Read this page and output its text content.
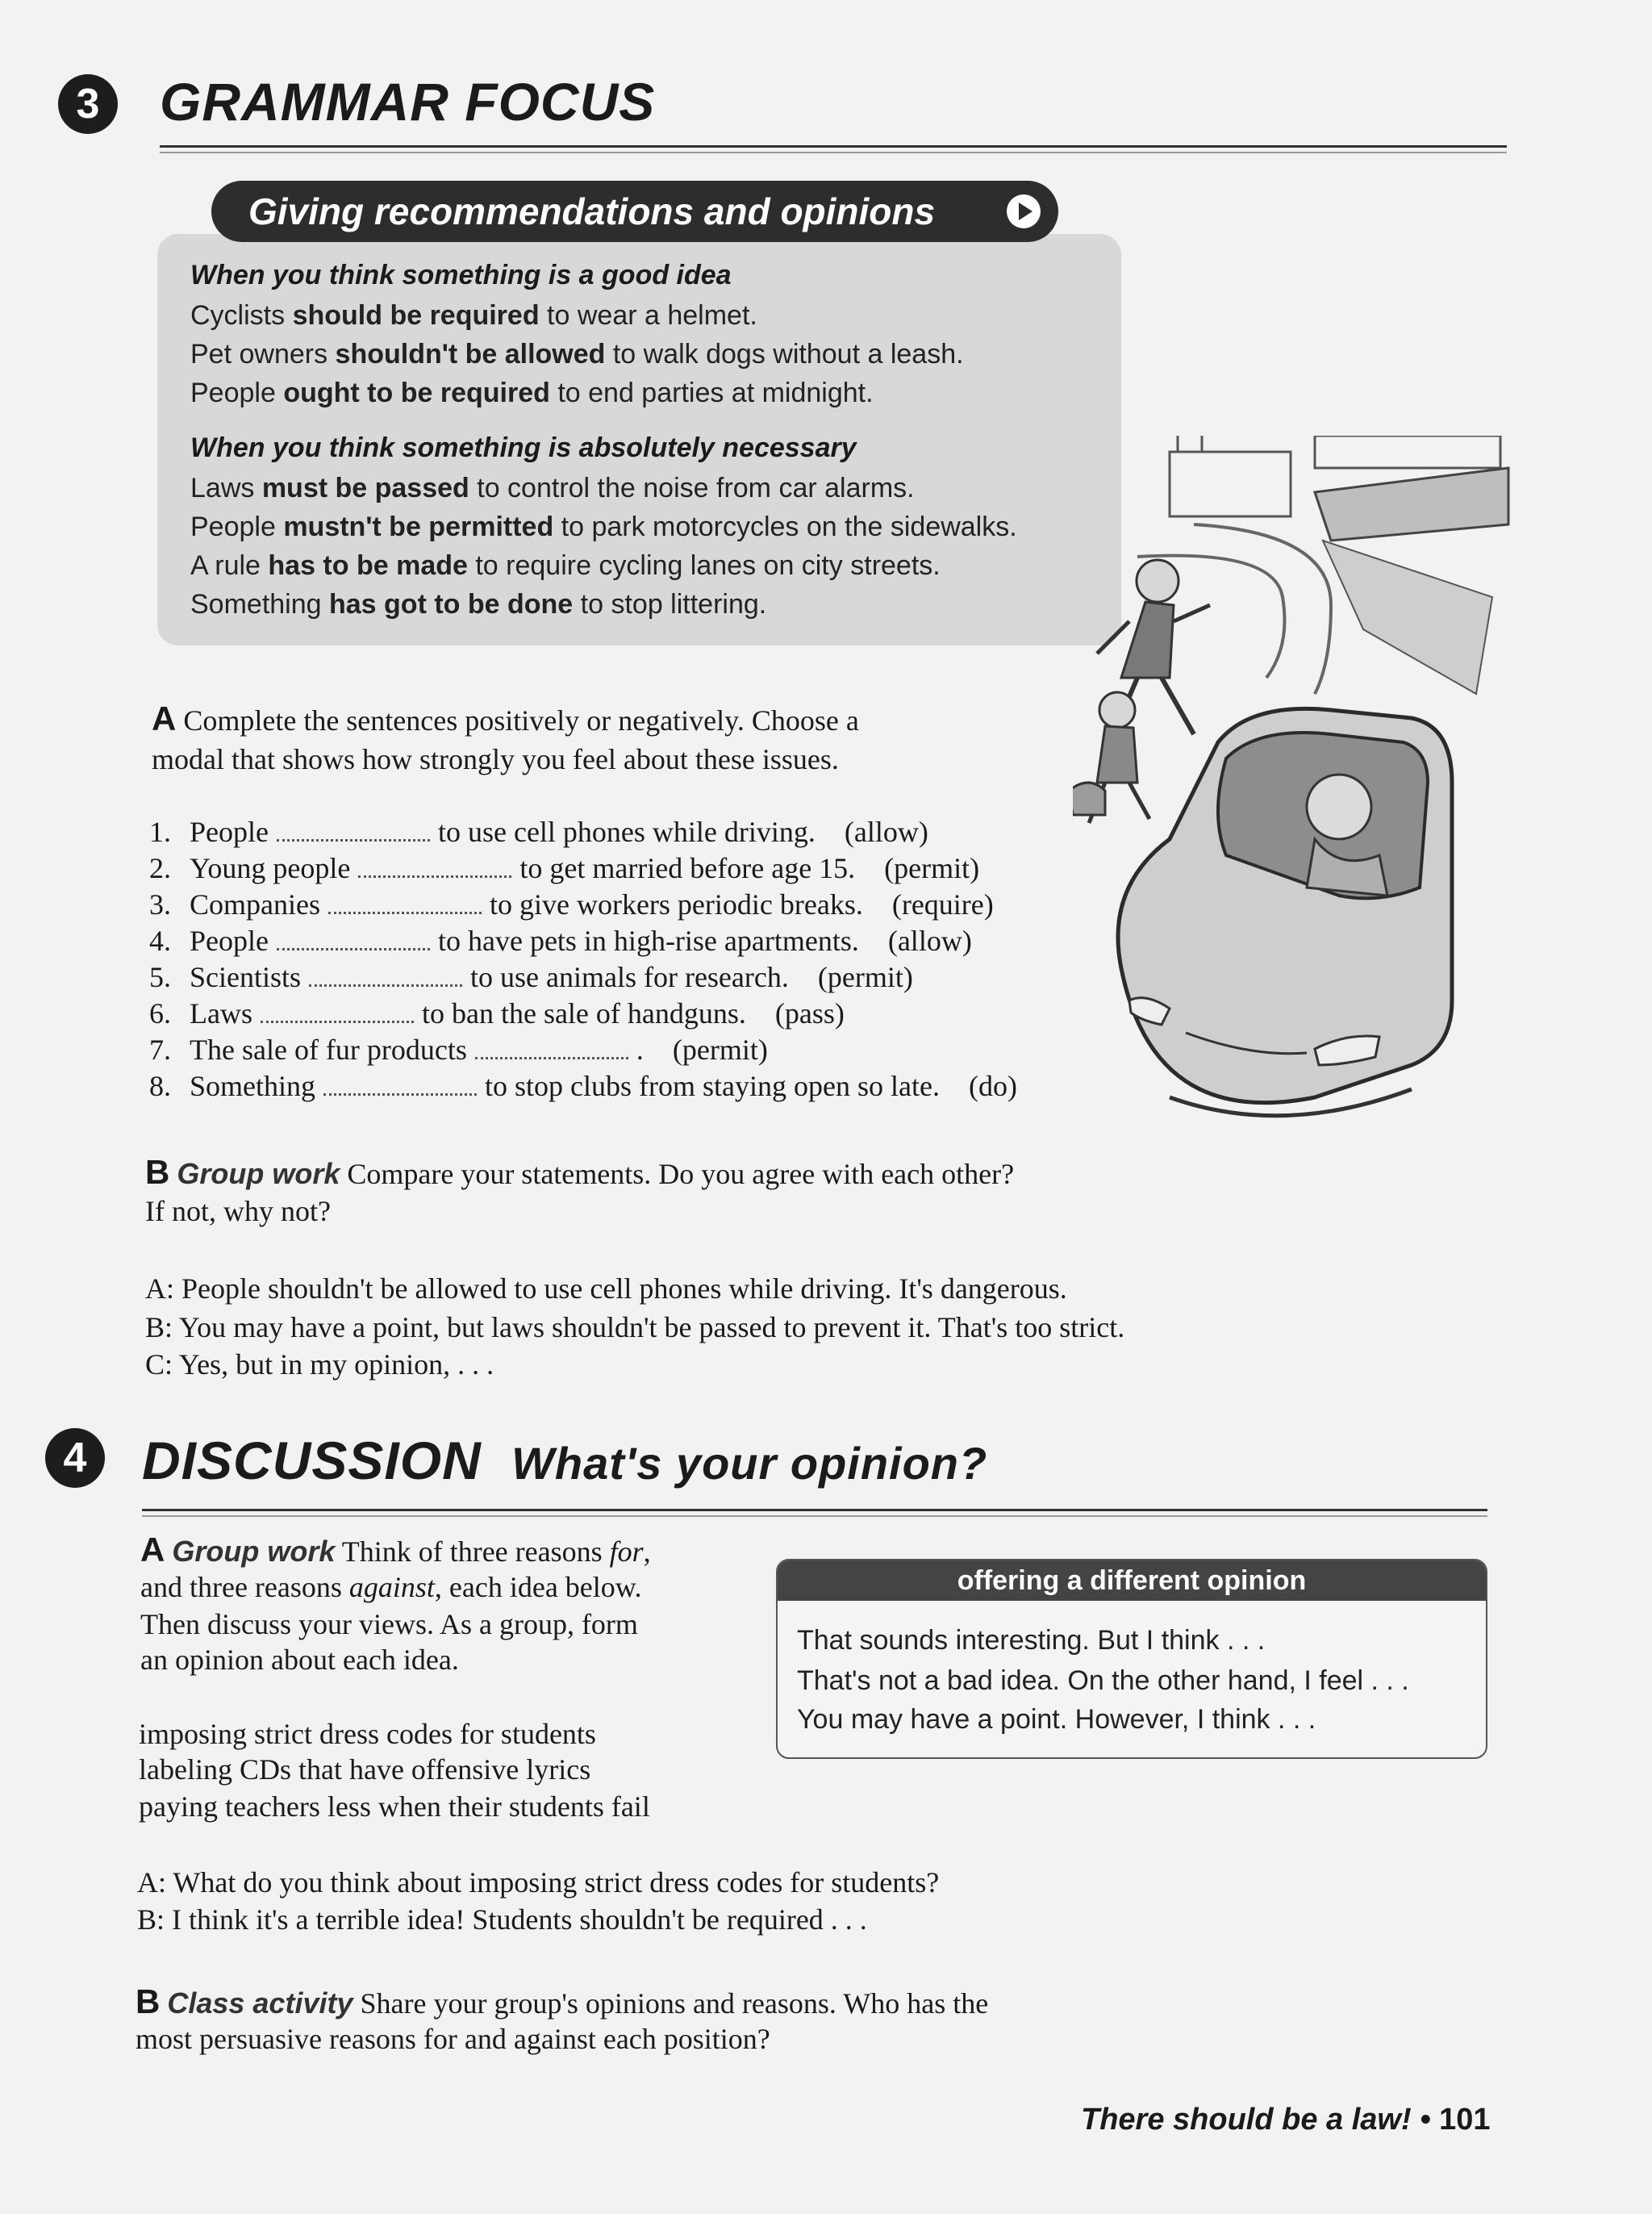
3	GRAMMAR FOCUS
Giving recommendations and opinions
When you think something is a good idea
Cyclists should be required to wear a helmet.
Pet owners shouldn't be allowed to walk dogs without a leash.
People ought to be required to end parties at midnight.
When you think something is absolutely necessary
Laws must be passed to control the noise from car alarms.
People mustn't be permitted to park motorcycles on the sidewalks.
A rule has to be made to require cycling lanes on city streets.
Something has got to be done to stop littering.
A Complete the sentences positively or negatively. Choose a
modal that shows how strongly you feel about these issues.
1. People	to use cell phones while driving. (allow)
2. Young people	to get married before age 15. (permit)
3. Companies	to give workers periodic breaks. (require)
4. People	to have pets in high-rise apartments. (allow)
5. Scientists	to use animals for research. (permit)
6. Laws	to ban the sale of handguns. (pass)
7. The sale of fur products	. (permit)
8. Something	to stop clubs from staying open so late. (do)
B Group work Compare your statements. Do you agree with each other?
If not, why not?
A: People shouldn't be allowed to use cell phones while driving. It's dangerous.
B: You may have a point, but laws shouldn't be passed to prevent it. That's too strict.
C: Yes, but in my opinion, . . .
4	DISCUSSION What's your opinion?
A Group work Think of three reasons for,
and three reasons against, each idea below.
Then discuss your views. As a group, form
an opinion about each idea.
imposing strict dress codes for students
labeling CDs that have offensive lyrics
paying teachers less when their students fail
offering a different opinion
That sounds interesting. But I think . . .
That's not a bad idea. On the other hand, I feel . . .
You may have a point. However, I think . . .
A: What do you think about imposing strict dress codes for students?
B: I think it's a terrible idea! Students shouldn't be required . . .
B Class activity Share your group's opinions and reasons. Who has the
most persuasive reasons for and against each position?
There should be a law! • 101
